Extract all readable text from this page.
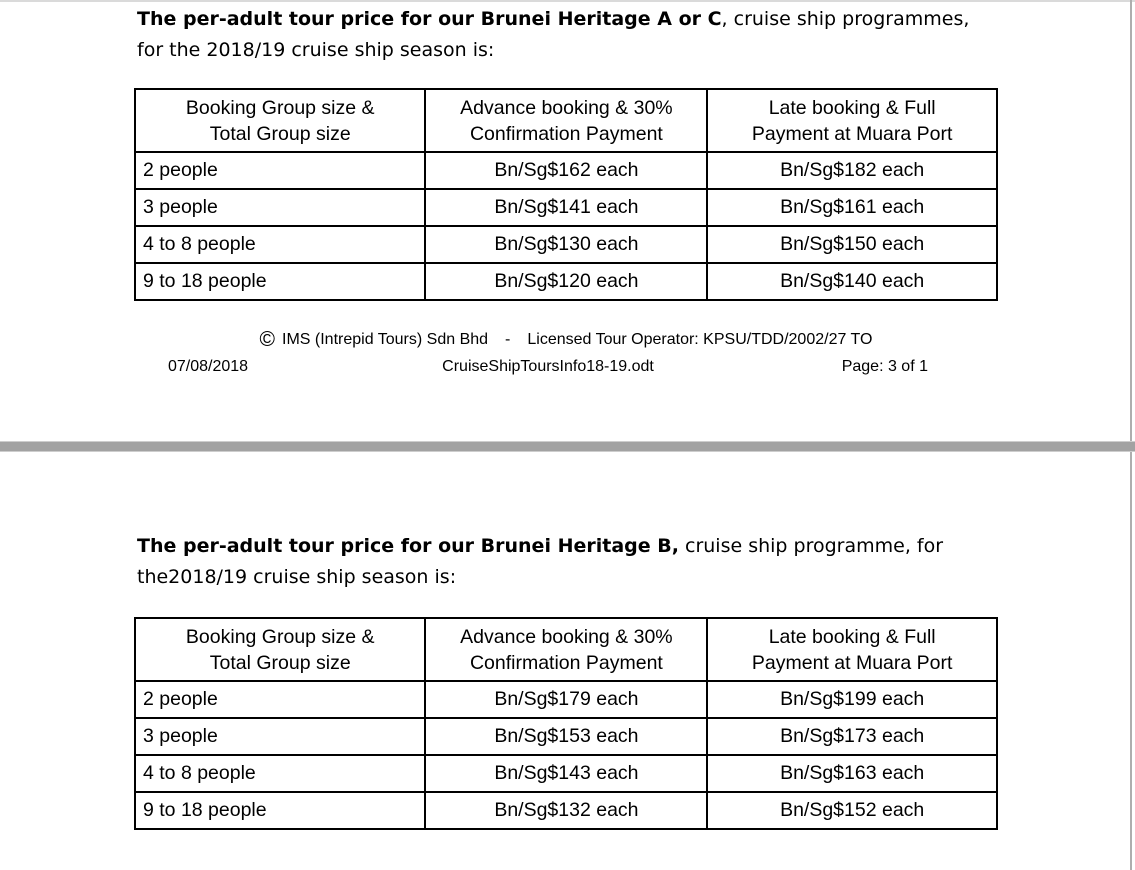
The per-adult tour price for our Brunei Heritage A or C, cruise ship programmes,
for the 2018/19 cruise ship season is:
Booking Group size & Total Group size	Advance booking & 30% Confirmation Payment	Late booking & Full Payment at Muara Port
2 people	Bn/Sg$162 each	Bn/Sg$182 each
3 people	Bn/Sg$141 each	Bn/Sg$161 each
4 to 8 people	Bn/Sg$130 each	Bn/Sg$150 each
9 to 18 people	Bn/Sg$120 each	Bn/Sg$140 each
© IMS (Intrepid Tours) Sdn Bhd - Licensed Tour Operator: KPSU/TDD/2002/27 TO
07/08/2018	CruiseShipToursInfo18-19.odt	Page: 3 of 1
The per-adult tour price for our Brunei Heritage B, cruise ship programme, for
the2018/19 cruise ship season is:
Booking Group size & Total Group size	Advance booking & 30% Confirmation Payment	Late booking & Full Payment at Muara Port
2 people	Bn/Sg$179 each	Bn/Sg$199 each
3 people	Bn/Sg$153 each	Bn/Sg$173 each
4 to 8 people	Bn/Sg$143 each	Bn/Sg$163 each
9 to 18 people	Bn/Sg$132 each	Bn/Sg$152 each
